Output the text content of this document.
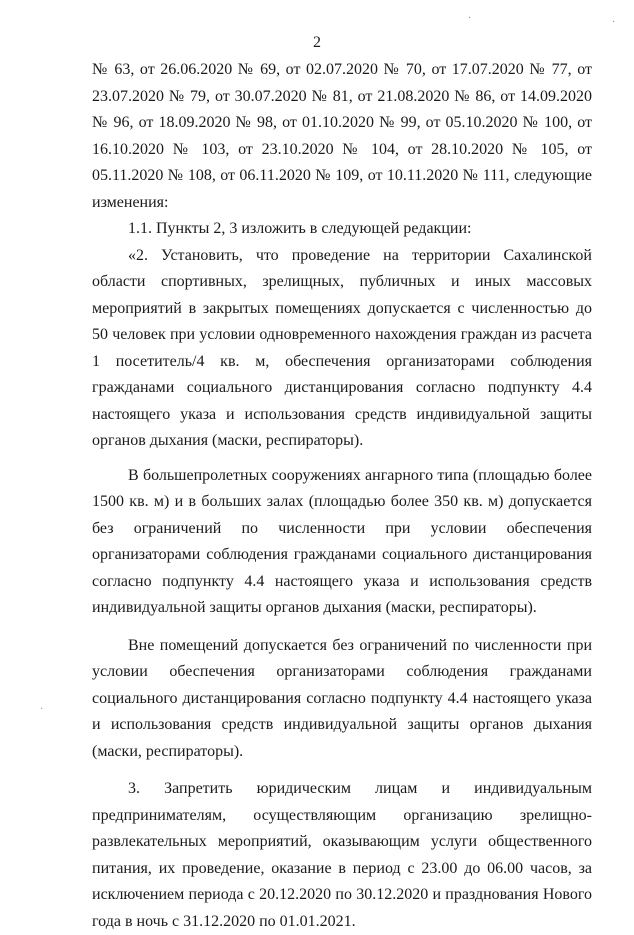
2
·	·
·

№ 63, от 26.06.2020 № 69, от 02.07.2020 № 70, от 17.07.2020 № 77, от 23.07.2020 № 79, от 30.07.2020 № 81, от 21.08.2020 № 86, от 14.09.2020 № 96, от 18.09.2020 № 98, от 01.10.2020 № 99, от 05.10.2020 № 100, от 16.10.2020 № 103, от 23.10.2020 № 104, от 28.10.2020 № 105, от 05.11.2020 № 108, от 06.11.2020 № 109, от 10.11.2020 № 111, следующие изменения:

1.1. Пункты 2, 3 изложить в следующей редакции:

«2. Установить, что проведение на территории Сахалинской области спортивных, зрелищных, публичных и иных массовых мероприятий в закрытых помещениях допускается с численностью до 50 человек при условии одновременного нахождения граждан из расчета 1 посетитель/4 кв. м, обеспечения организаторами соблюдения гражданами социального дистанцирования согласно подпункту 4.4 настоящего указа и использования средств индивидуальной защиты органов дыхания (маски, респираторы).

В большепролетных сооружениях ангарного типа (площадью более 1500 кв. м) и в больших залах (площадью более 350 кв. м) допускается без ограничений по численности при условии обеспечения организаторами соблюдения гражданами социального дистанцирования согласно подпункту 4.4 настоящего указа и использования средств индивидуальной защиты органов дыхания (маски, респираторы).

Вне помещений допускается без ограничений по численности при условии обеспечения организаторами соблюдения гражданами социального дистанцирования согласно подпункту 4.4 настоящего указа и использования средств индивидуальной защиты органов дыхания (маски, респираторы).

3. Запретить юридическим лицам и индивидуальным предпринимателям, осуществляющим организацию зрелищно-развлекательных мероприятий, оказывающим услуги общественного питания, их проведение, оказание в период с 23.00 до 06.00 часов, за исключением периода с 20.12.2020 по 30.12.2020 и празднования Нового года в ночь с 31.12.2020 по 01.01.2021.
